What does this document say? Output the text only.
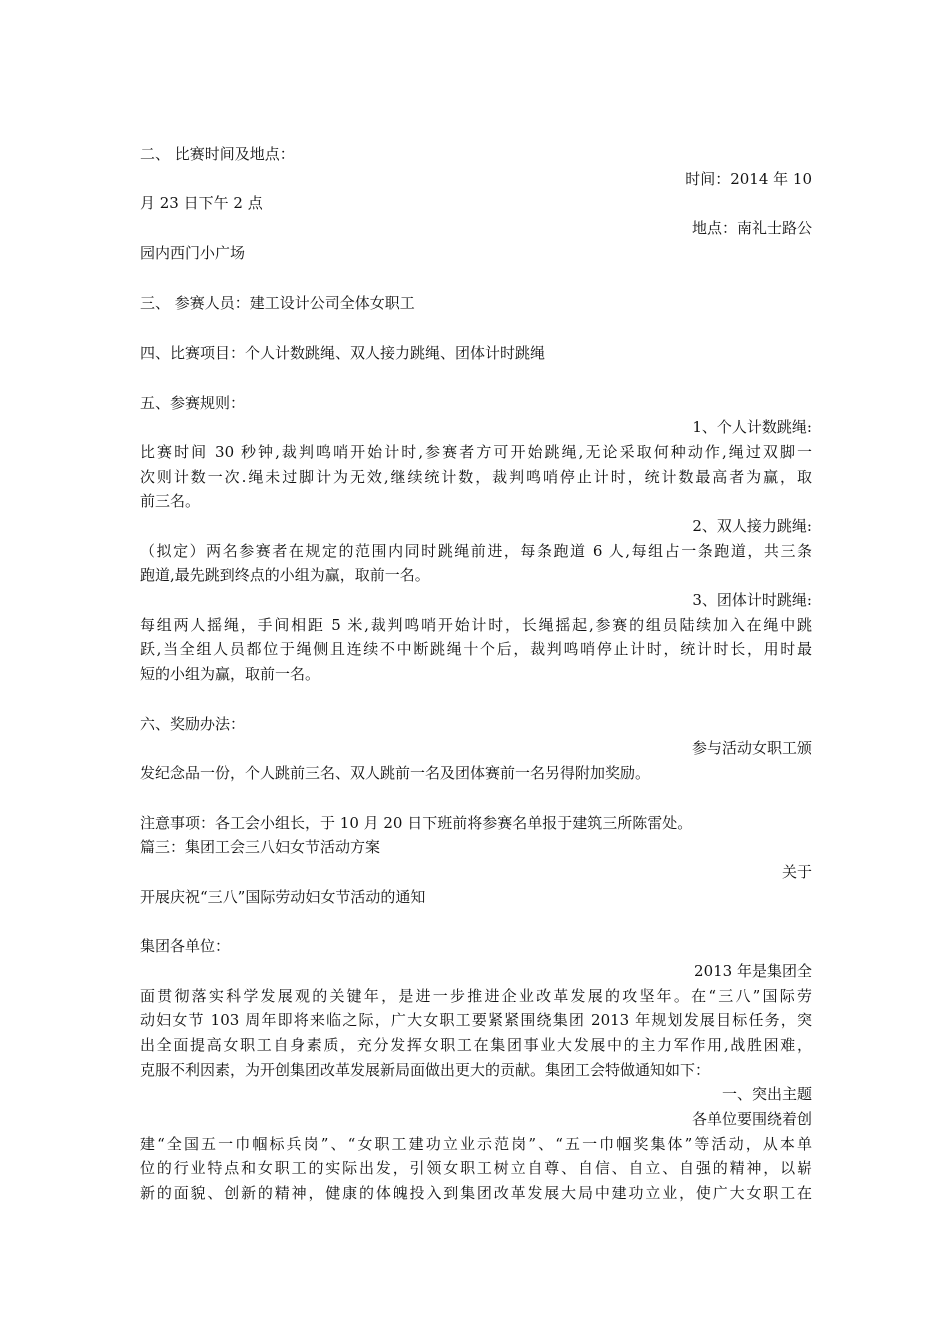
二、 比赛时间及地点：

时间：2014 年 10

月 23 日下午 2 点

地点：南礼士路公

园内西门小广场

三、 参赛人员：建工设计公司全体女职工

四、比赛项目：个人计数跳绳、双人接力跳绳、团体计时跳绳

五、参赛规则：

1、个人计数跳绳:

比赛时间 30 秒钟,裁判鸣哨开始计时,参赛者方可开始跳绳,无论采取何种动作,绳过双脚一

次则计数一次.绳未过脚计为无效,继续统计数，裁判鸣哨停止计时，统计数最高者为赢，取

前三名。

2、双人接力跳绳:

（拟定）两名参赛者在规定的范围内同时跳绳前进，每条跑道 6 人,每组占一条跑道，共三条

跑道,最先跳到终点的小组为赢，取前一名。

3、团体计时跳绳:

每组两人摇绳，手间相距 5 米,裁判鸣哨开始计时，长绳摇起,参赛的组员陆续加入在绳中跳

跃,当全组人员都位于绳侧且连续不中断跳绳十个后，裁判鸣哨停止计时，统计时长，用时最

短的小组为赢，取前一名。

六、奖励办法：

参与活动女职工颁

发纪念品一份，个人跳前三名、双人跳前一名及团体赛前一名另得附加奖励。

注意事项：各工会小组长，于 10 月 20 日下班前将参赛名单报于建筑三所陈雷处。

篇三：集团工会三八妇女节活动方案

关于

开展庆祝“三八”国际劳动妇女节活动的通知

集团各单位：

2013 年是集团全

面贯彻落实科学发展观的关键年，是进一步推进企业改革发展的攻坚年。在“三八”国际劳

动妇女节 103 周年即将来临之际，广大女职工要紧紧围绕集团 2013 年规划发展目标任务，突

出全面提高女职工自身素质，充分发挥女职工在集团事业大发展中的主力军作用,战胜困难，

克服不利因素，为开创集团改革发展新局面做出更大的贡献。集团工会特做通知如下：

一、突出主题

各单位要围绕着创

建“全国五一巾帼标兵岗”、“女职工建功立业示范岗”、“五一巾帼奖集体”等活动，从本单

位的行业特点和女职工的实际出发，引领女职工树立自尊、自信、自立、自强的精神，以崭

新的面貌、创新的精神，健康的体魄投入到集团改革发展大局中建功立业，使广大女职工在
